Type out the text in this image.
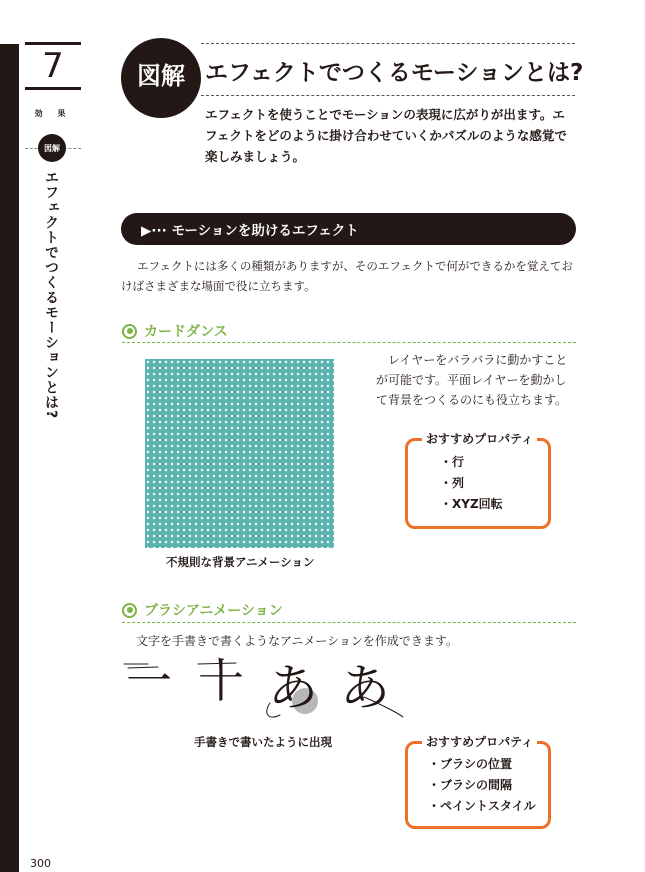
7
効 果
図解
エフェクトでつくるモーションとは?
300
図解 エフェクトでつくるモーションとは?

エフェクトを使うことでモーションの表現に広がりが出ます。エフェクトをどのように掛け合わせていくかパズルのような感覚で楽しみましょう。

▶··· モーションを助けるエフェクト

エフェクトには多くの種類がありますが、そのエフェクトで何ができるかを覚えておけばさまざまな場面で役に立ちます。

カードダンス
不規則な背景アニメーション

レイヤーをバラバラに動かすことが可能です。平面レイヤーを動かして背景をつくるのにも役立ちます。

おすすめプロパティ
・行
・列
・XYZ回転
ブラシアニメーション

文字を手書きで書くようなアニメーションを作成できます。

一 十 あ あ
手書きで書いたように出現	おすすめプロパティ
・ブラシの位置
・ブラシの間隔
・ペイントスタイル
